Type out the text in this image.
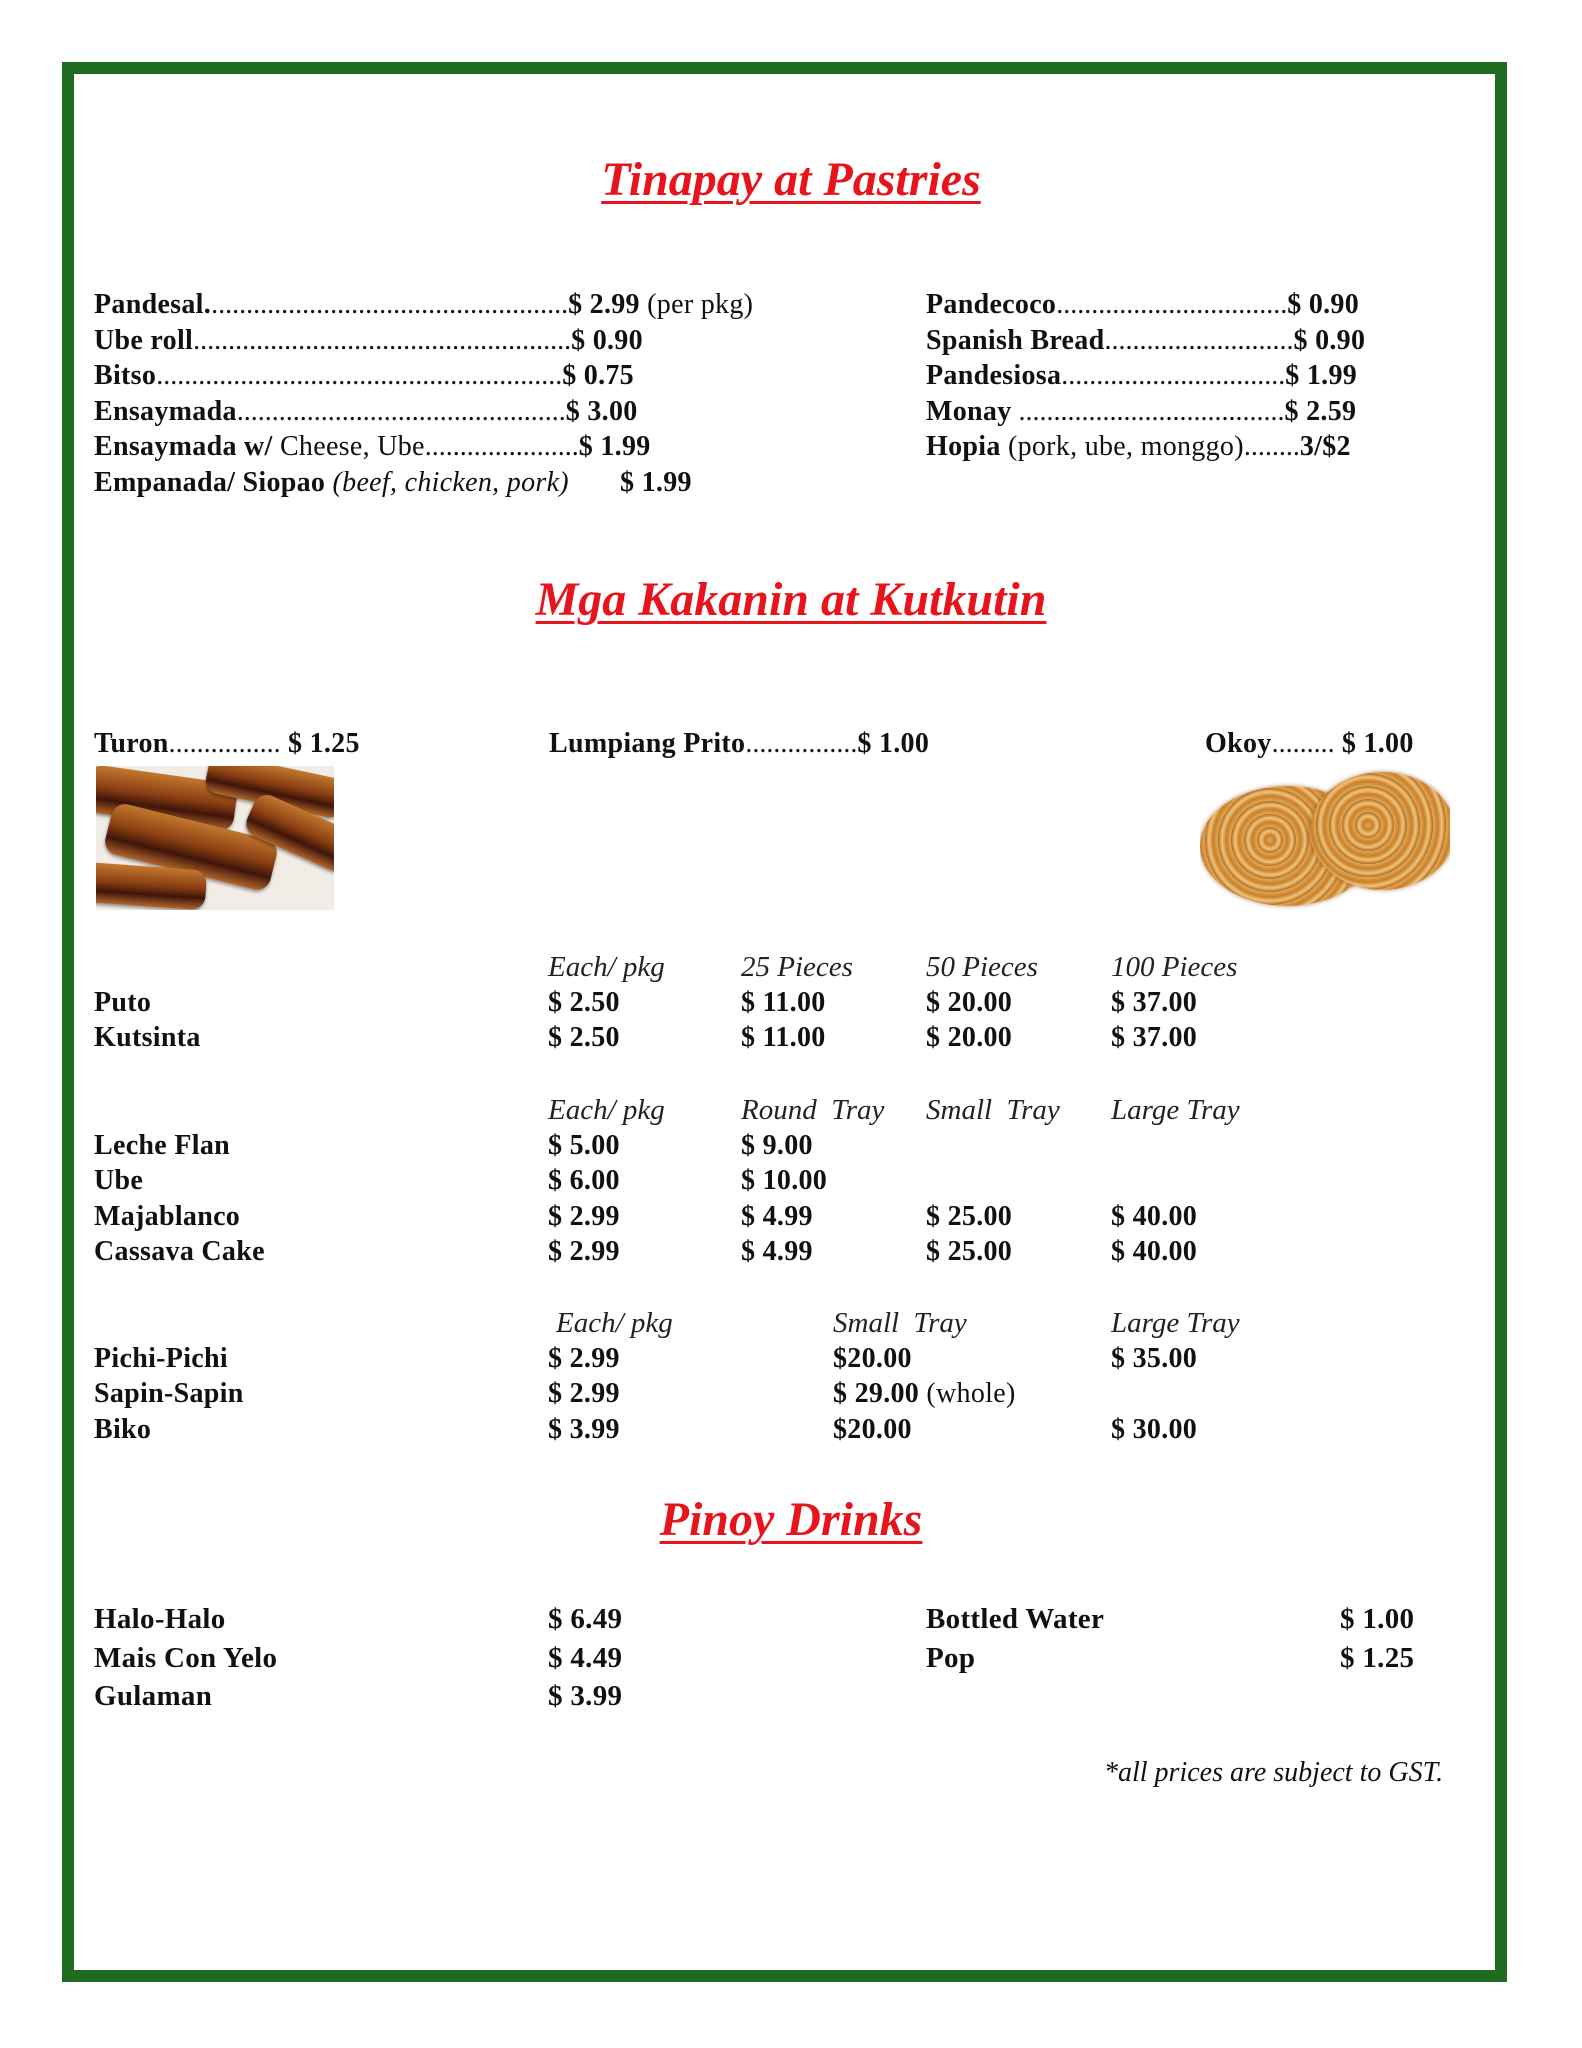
Tinapay at Pastries
Pandesal....................................................$ 2.99 (per pkg)
Ube roll......................................................$ 0.90
Bitso..........................................................$ 0.75
Ensaymada...............................................$ 3.00
Ensaymada w/ Cheese, Ube......................$ 1.99
Empanada/ Siopao (beef, chicken, pork) $ 1.99
Pandecoco.................................$ 0.90
Spanish Bread...........................$ 0.90
Pandesiosa................................$ 1.99
Monay ......................................$ 2.59
Hopia (pork, ube, monggo)........3/$2
Mga Kakanin at Kutkutin
Turon................ $ 1.25	Lumpiang Prito................$ 1.00	Okoy......... $ 1.00
Each/ pkg	25 Pieces	50 Pieces	100 Pieces
Puto	$ 2.50	$ 11.00	$ 20.00	$ 37.00
Kutsinta	$ 2.50	$ 11.00	$ 20.00	$ 37.00
Each/ pkg	Round  Tray Small  Tray Large Tray
Leche Flan	$ 5.00	$ 9.00
Ube	$ 6.00	$ 10.00
Majablanco	$ 2.99	$ 4.99	$ 25.00	$ 40.00
Cassava Cake	$ 2.99	$ 4.99	$ 25.00	$ 40.00
Each/ pkg	Small  Tray	Large Tray
Pichi-Pichi	$ 2.99	$20.00	$ 35.00
Sapin-Sapin	$ 2.99	$ 29.00 (whole)
Biko	$ 3.99	$20.00	$ 30.00
Pinoy Drinks
Halo-Halo	$ 6.49
Mais Con Yelo	$ 4.49
Gulaman	$ 3.99
Bottled Water	$ 1.00
Pop	$ 1.25
*all prices are subject to GST.
